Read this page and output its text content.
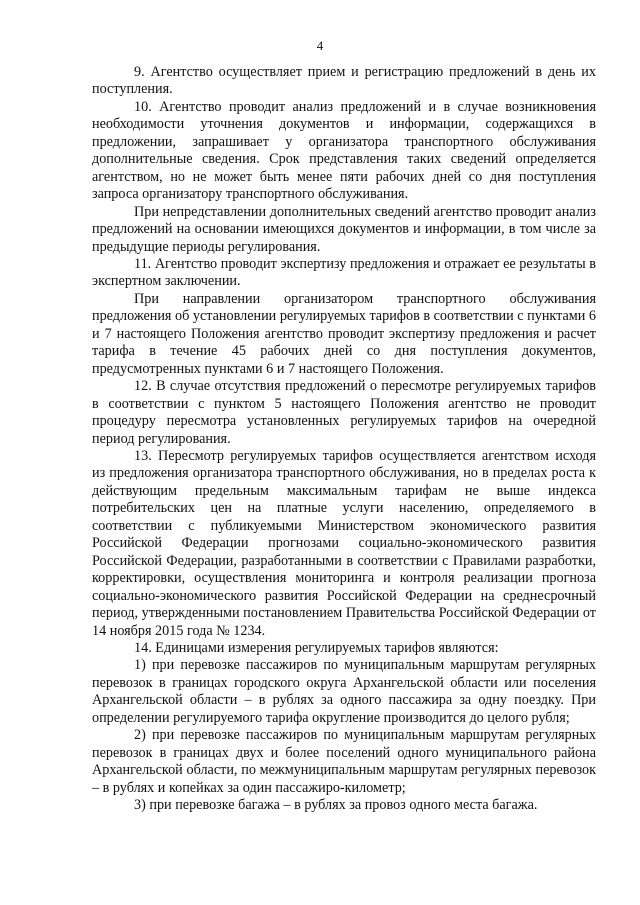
4

9. Агентство осуществляет прием и регистрацию предложений в день их поступления.

10. Агентство проводит анализ предложений и в случае возникновения необходимости уточнения документов и информации, содержащихся в предложении, запрашивает у организатора транспортного обслуживания дополнительные сведения. Срок представления таких сведений определяется агентством, но не может быть менее пяти рабочих дней со дня поступления запроса организатору транспортного обслуживания.

При непредставлении дополнительных сведений агентство проводит анализ предложений на основании имеющихся документов и информации, в том числе за предыдущие периоды регулирования.

11. Агентство проводит экспертизу предложения и отражает ее результаты в экспертном заключении.

При направлении организатором транспортного обслуживания предложения об установлении регулируемых тарифов в соответствии с пунктами 6 и 7 настоящего Положения агентство проводит экспертизу предложения и расчет тарифа в течение 45 рабочих дней со дня поступления документов, предусмотренных пунктами 6 и 7 настоящего Положения.

12. В случае отсутствия предложений о пересмотре регулируемых тарифов в соответствии с пунктом 5 настоящего Положения агентство не проводит процедуру пересмотра установленных регулируемых тарифов на очередной период регулирования.

13. Пересмотр регулируемых тарифов осуществляется агентством исходя из предложения организатора транспортного обслуживания, но в пределах роста к действующим предельным максимальным тарифам не выше индекса потребительских цен на платные услуги населению, определяемого в соответствии с публикуемыми Министерством экономического развития Российской Федерации прогнозами социально-экономического развития Российской Федерации, разработанными в соответствии с Правилами разработки, корректировки, осуществления мониторинга и контроля реализации прогноза социально-экономического развития Российской Федерации на среднесрочный период, утвержденными постановлением Правительства Российской Федерации от 14 ноября 2015 года № 1234.

14. Единицами измерения регулируемых тарифов являются:

1) при перевозке пассажиров по муниципальным маршрутам регулярных перевозок в границах городского округа Архангельской области или поселения Архангельской области – в рублях за одного пассажира за одну поездку. При определении регулируемого тарифа округление производится до целого рубля;

2) при перевозке пассажиров по муниципальным маршрутам регулярных перевозок в границах двух и более поселений одного муниципального района Архангельской области, по межмуниципальным маршрутам регулярных перевозок – в рублях и копейках за один пассажиро-километр;

3) при перевозке багажа – в рублях за провоз одного места багажа.
